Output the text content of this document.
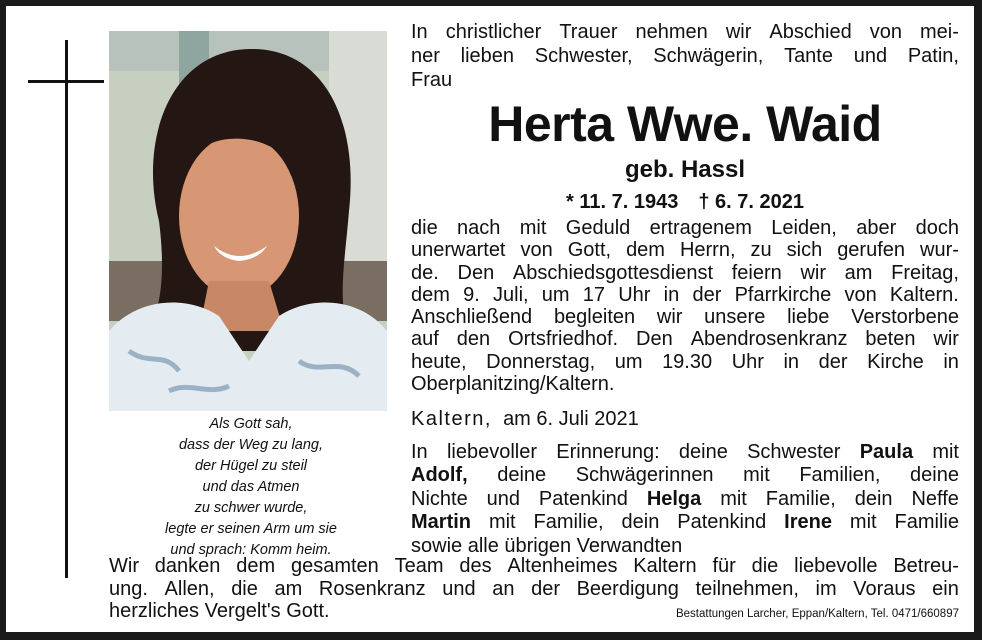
Als Gott sah,
dass der Weg zu lang,
der Hügel zu steil
und das Atmen
zu schwer wurde,
legte er seinen Arm um sie
und sprach: Komm heim.
In christlicher Trauer nehmen wir Abschied von mei-
ner lieben Schwester, Schwägerin, Tante und Patin,
Frau
Herta Wwe. Waid
geb. Hassl
* 11. 7. 1943 † 6. 7. 2021
die nach mit Geduld ertragenem Leiden, aber doch
unerwartet von Gott, dem Herrn, zu sich gerufen wur-
de. Den Abschiedsgottesdienst feiern wir am Freitag,
dem 9. Juli, um 17 Uhr in der Pfarrkirche von Kaltern.
Anschließend begleiten wir unsere liebe Verstorbene
auf den Ortsfriedhof. Den Abendrosenkranz beten wir
heute, Donnerstag, um 19.30 Uhr in der Kirche in
Oberplanitzing/Kaltern.
Kaltern, am 6. Juli 2021
In liebevoller Erinnerung: deine Schwester Paula mit
Adolf, deine Schwägerinnen mit Familien, deine
Nichte und Patenkind Helga mit Familie, dein Neffe
Martin mit Familie, dein Patenkind Irene mit Familie
sowie alle übrigen Verwandten
Wir danken dem gesamten Team des Altenheimes Kaltern für die liebevolle Betreu-
ung. Allen, die am Rosenkranz und an der Beerdigung teilnehmen, im Voraus ein
herzliches Vergelt's Gott.	Bestattungen Larcher, Eppan/Kaltern, Tel. 0471/660897
